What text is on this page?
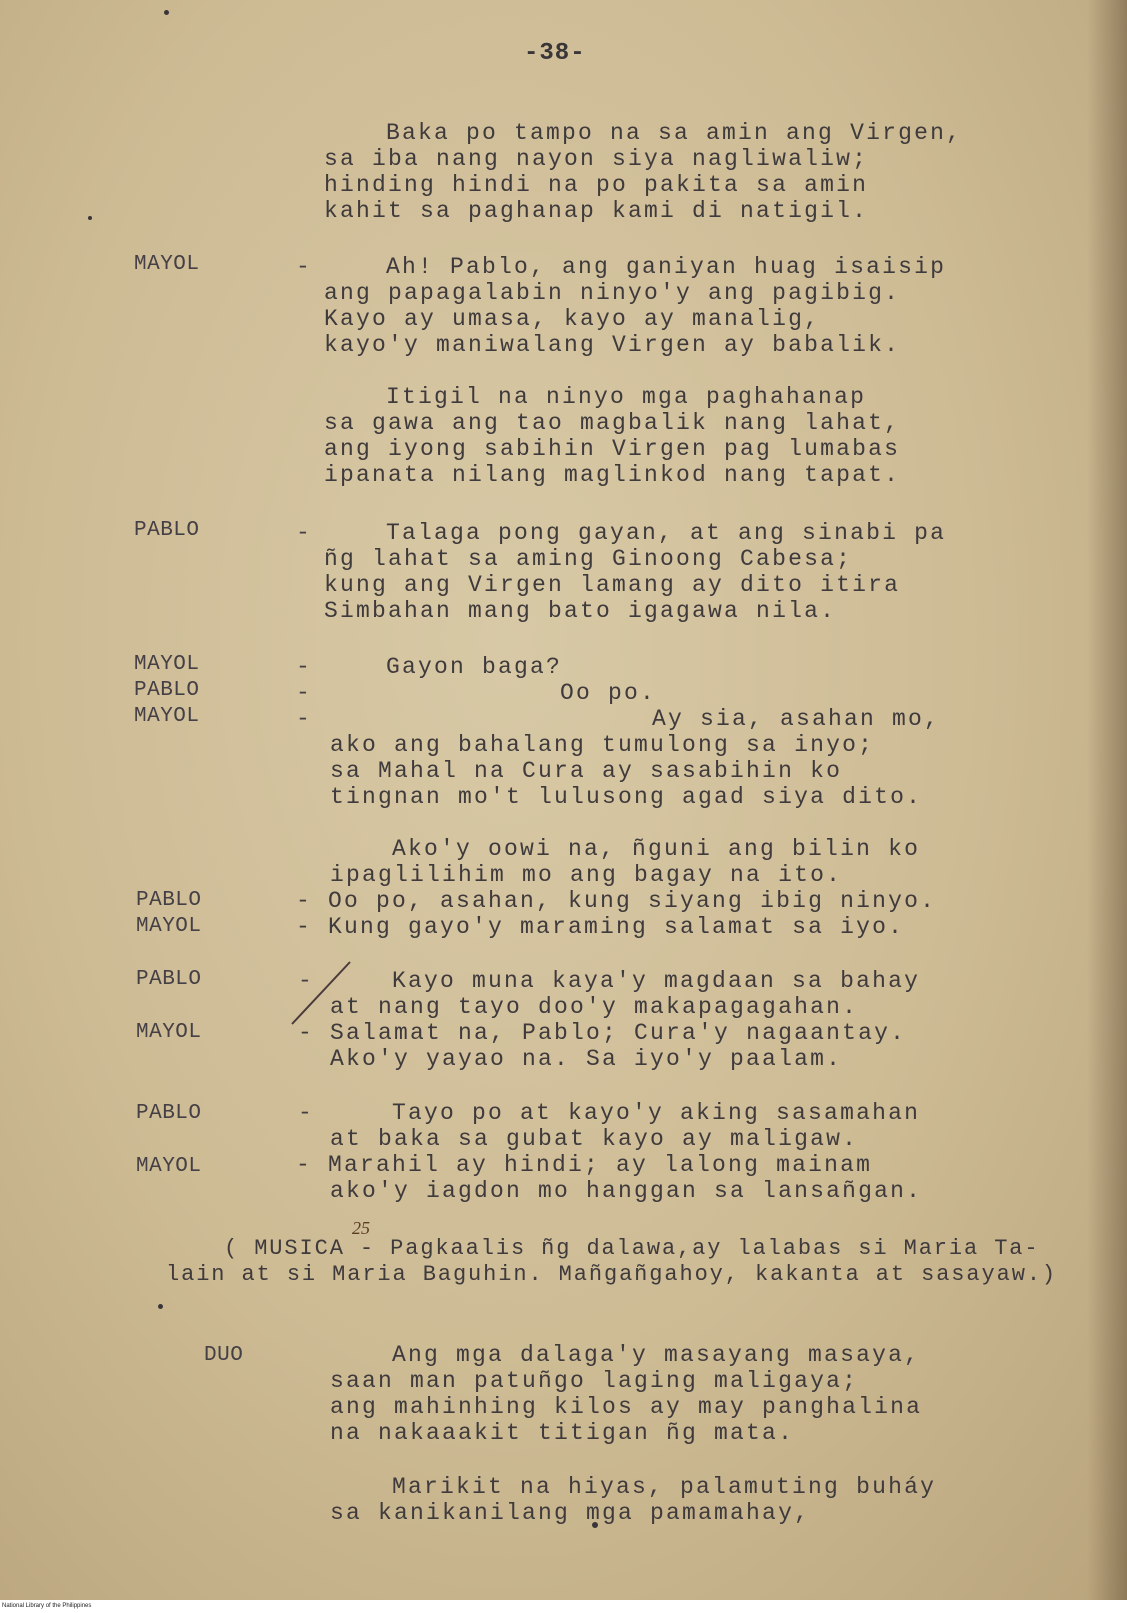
-38-
Baka po tampo na sa amin ang Virgen,
sa iba nang nayon siya nagliwaliw;
hinding hindi na po pakita sa amin
kahit sa paghanap kami di natigil.
MAYOL	-	Ah! Pablo, ang ganiyan huag isaisip
ang papagalabin ninyo'y ang pagibig.
Kayo ay umasa, kayo ay manalig,
kayo'y maniwalang Virgen ay babalik.
Itigil na ninyo mga paghahanap
sa gawa ang tao magbalik nang lahat,
ang iyong sabihin Virgen pag lumabas
ipanata nilang maglinkod nang tapat.
PABLO	-	Talaga pong gayan, at ang sinabi pa
ñg lahat sa aming Ginoong Cabesa;
kung ang Virgen lamang ay dito itira
Simbahan mang bato igagawa nila.
MAYOL	-	Gayon baga?
PABLO	-	Oo po.
MAYOL	-	Ay sia, asahan mo,
ako ang bahalang tumulong sa inyo;
sa Mahal na Cura ay sasabihin ko
tingnan mo't lulusong agad siya dito.
Ako'y oowi na, ñguni ang bilin ko
ipaglilihim mo ang bagay na ito.
PABLO	- Oo po, asahan, kung siyang ibig ninyo.
MAYOL	- Kung gayo'y maraming salamat sa iyo.
PABLO	-	Kayo muna kaya'y magdaan sa bahay
at nang tayo doo'y makapagagahan.
MAYOL	- Salamat na, Pablo; Cura'y nagaantay.
Ako'y yayao na. Sa iyo'y paalam.
PABLO	-	Tayo po at kayo'y aking sasamahan
at baka sa gubat kayo ay maligaw.
MAYOL	- Marahil ay hindi; ay lalong mainam
ako'y iagdon mo hanggan sa lansañgan.
25
( MUSICA - Pagkaalis ñg dalawa,ay lalabas si Maria Ta-
lain at si Maria Baguhin. Mañgañgahoy, kakanta at sasayaw.)
DUO	Ang mga dalaga'y masayang masaya,
saan man patuñgo laging maligaya;
ang mahinhing kilos ay may panghalina
na nakaaakit titigan ñg mata.
Marikit na hiyas, palamuting buháy
sa kanikanilang mga pamamahay,
National Library of the Philippines
